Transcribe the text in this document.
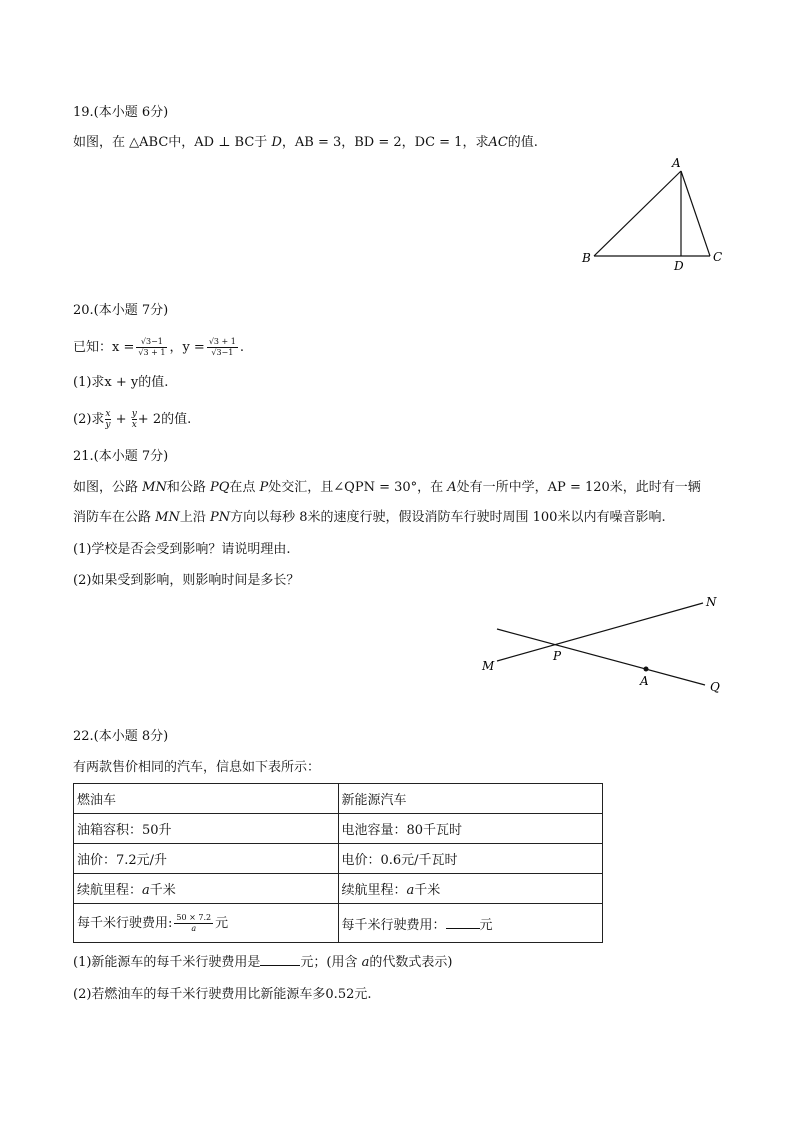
19.(本小题 6分)
如图，在 △ABC中，AD ⊥ BC于 D，AB = 3，BD = 2，DC = 1，求AC的值.
A
B	C
D
20.(本小题 7分)
已知：$x = \frac{√3-1}{√3 + 1}$ ，$y = \frac{√3 + 1}{√3-1}$ .
(1)求x + y的值.
(2)求 $\frac{x}{y} + \frac{y}{x} + 2$的值.
21.(本小题 7分)
如图，公路 MN和公路 PQ在点 P处交汇，且∠QPN = 30°，在 A处有一所中学，AP = 120米，此时有一辆
消防车在公路 MN上沿 PN方向以每秒 8米的速度行驶，假设消防车行驶时周围 100米以内有噪音影响.
(1)学校是否会受到影响？请说明理由.
(2)如果受到影响，则影响时间是多长？
M
N
P
Q
A
22.(本小题 8分)
有两款售价相同的汽车，信息如下表所示：
燃油车	新能源汽车
油箱容积：50升	电池容量：80千瓦时
油价：7.2元/升	电价：0.6元/千瓦时
续航里程：a千米	续航里程：a千米
每千米行驶费用: $\frac{50 \times 7.2}{a}$ 元	每千米行驶费用： 元
(1)新能源车的每千米行驶费用是	元；(用含 a的代数式表示)
(2)若燃油车的每千米行驶费用比新能源车多0.52元.
